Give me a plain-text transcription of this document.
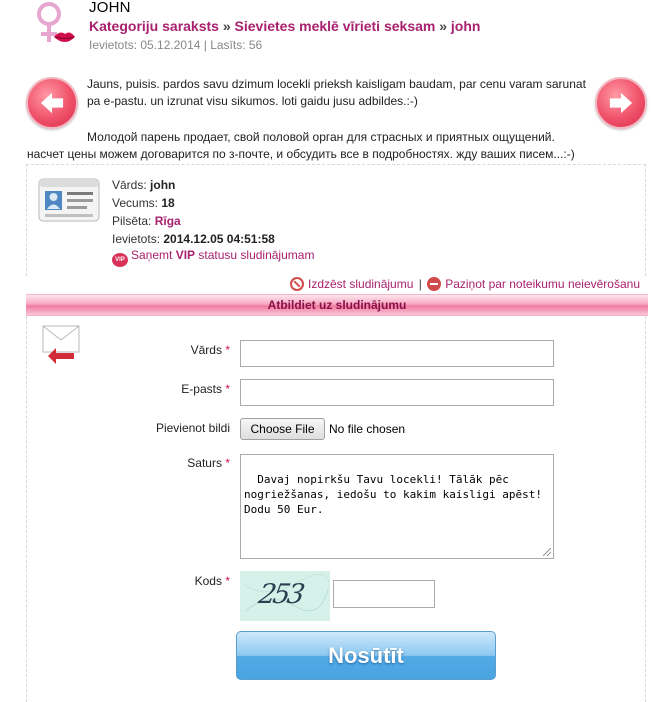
JOHN
Kategoriju saraksts » Sievietes meklē vīrieti seksam » john
Ievietots: 05.12.2014 | Lasīts: 56
Jauns, puisis. pardos savu dzimum locekli prieksh kaisligam baudam, par cenu varam sarunat pa e-pastu. un izrunat visu sikumos. loti gaidu jusu adbildes.:-)
Молодой парень продает, свой половой орган для страсных и приятных ощущений.
насчет цены можем договарится по з-почте, и обсудить все в подробностях. жду ваших писем...:-)
Vārds: john
Vecums: 18
Pilsēta: Rīga
Ievietots: 2014.12.05 04:51:58
VIP Saņemt VIP statusu sludinājumam
Izdzēst sludinājumu | Paziņot par noteikumu neievērošanu
Atbildiet uz sludinājumu
Vārds *
E-pasts *
Pievienot bildi	Choose File	No file chosen
Saturs *

Davaj nopirkšu Tavu locekli! Tālāk pēc nogriežšanas, iedošu to kakim kaisligi apēst! Dodu 50 Eur.

Kods * 253
Nosūtīt
